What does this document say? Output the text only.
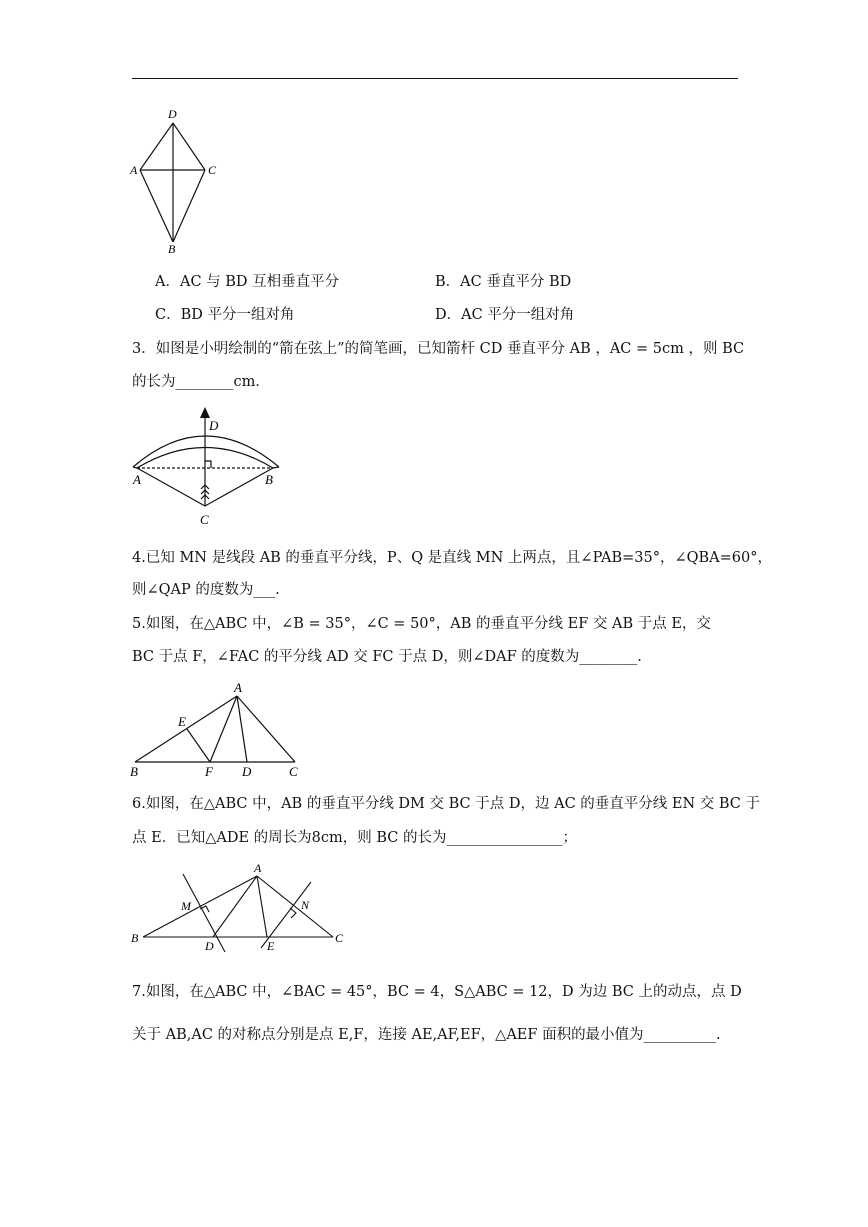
D
A	C
B
A．AC 与 BD 互相垂直平分	B．AC 垂直平分 BD
C．BD 平分一组对角	D．AC 平分一组对角
3．如图是小明绘制的“箭在弦上”的简笔画，已知箭杆 CD 垂直平分 AB ，AC = 5cm ，则 BC
的长为________cm．
D
A	B
C
4.已知 MN 是线段 AB 的垂直平分线，P、Q 是直线 MN 上两点，且∠PAB=35°，∠QBA=60°，
则∠QAP 的度数为___.
5.如图，在△ABC 中，∠B = 35°，∠C = 50°，AB 的垂直平分线 EF 交 AB 于点 E，交
BC 于点 F，∠FAC 的平分线 AD 交 FC 于点 D，则∠DAF 的度数为________.
A
E
B	F D	C
6.如图，在△ABC 中，AB 的垂直平分线 DM 交 BC 于点 D，边 AC 的垂直平分线 EN 交 BC 于
点 E．已知△ADE 的周长为8cm，则 BC 的长为________________；
A
M	N
B
D	E
C
7.如图，在△ABC 中，∠BAC = 45°，BC = 4，S△ABC = 12，D 为边 BC 上的动点，点 D
关于 AB,AC 的对称点分别是点 E,F，连接 AE,AF,EF，△AEF 面积的最小值为__________.
